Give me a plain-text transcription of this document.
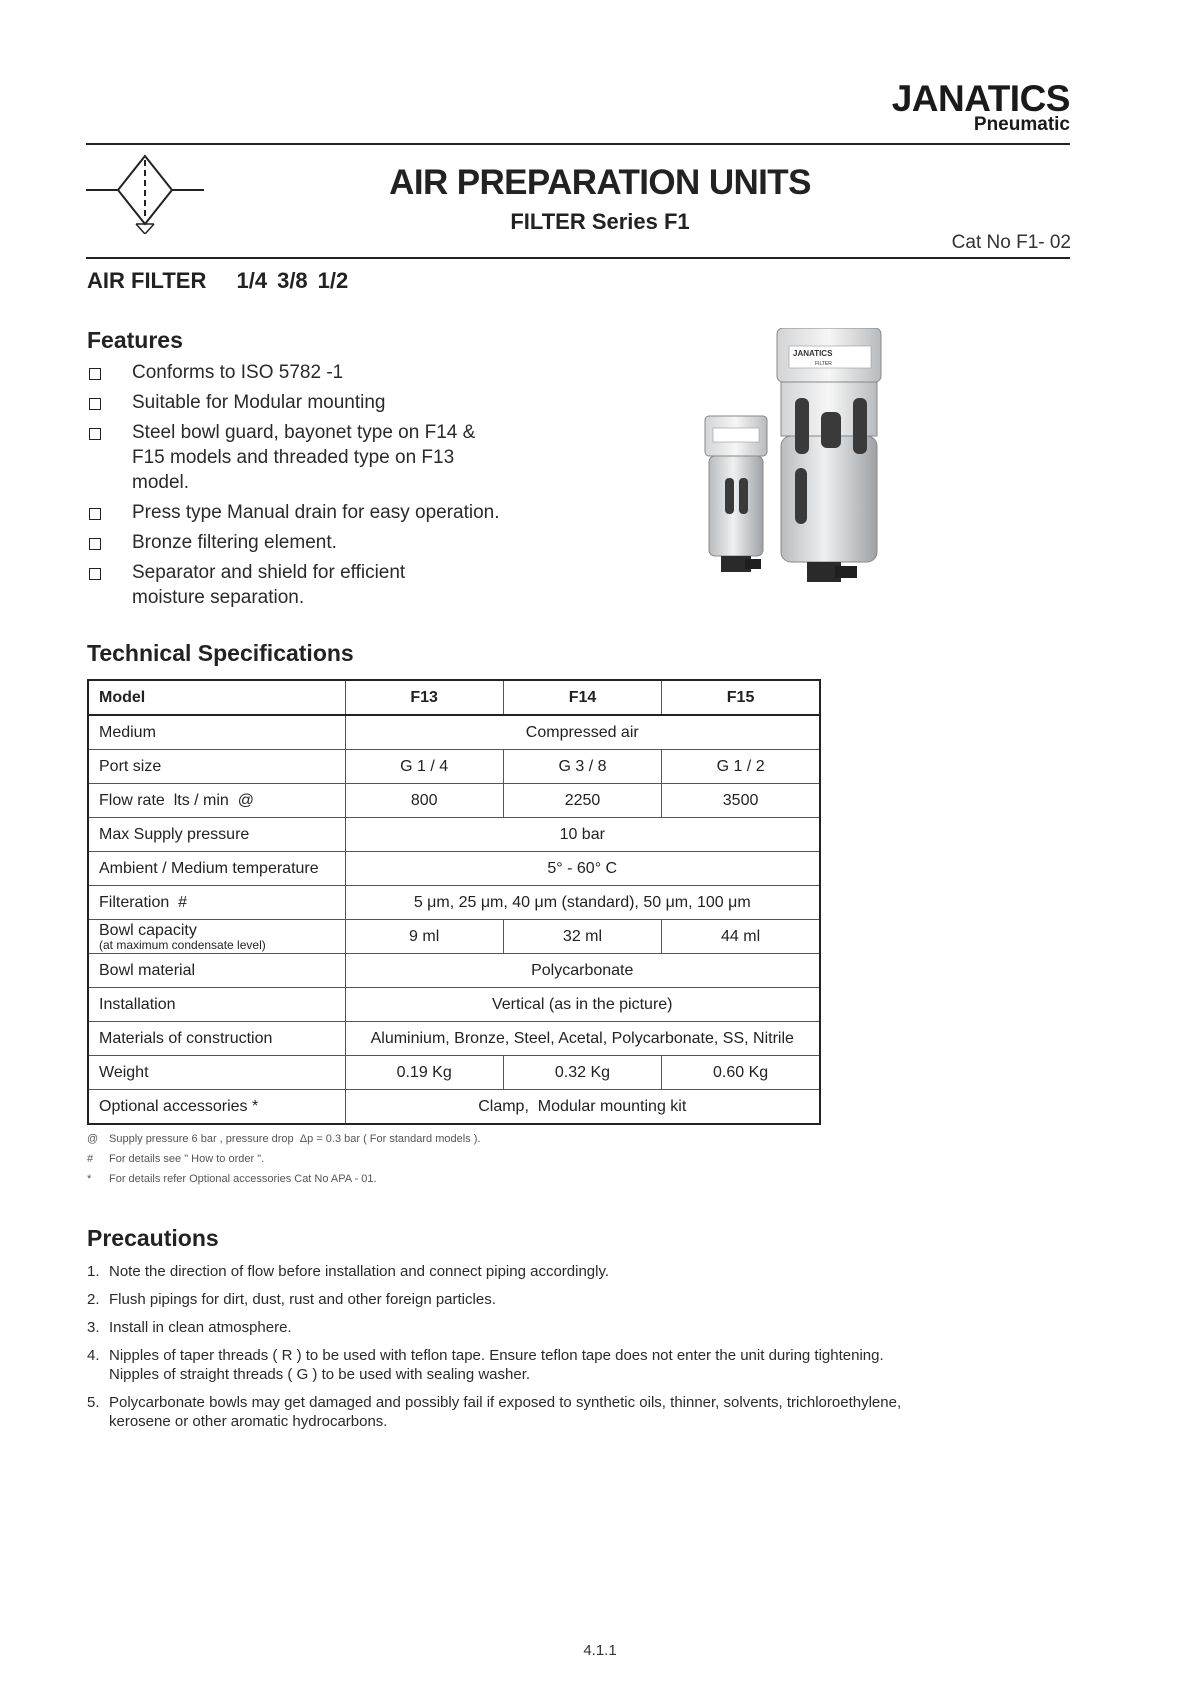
JANATICS
Pneumatic
AIR PREPARATION UNITS
FILTER Series F1
Cat No F1- 02
AIR FILTER 1/4 3/8 1/2
Features
Conforms to ISO 5782 -1
Suitable for Modular mounting
Steel bowl guard, bayonet type on F14 & F15 models and threaded type on F13 model.
Press type Manual drain for easy operation.
Bronze filtering element.
Separator and shield for efficient moisture separation.
JANATICS
FILTER
Technical Specifications
Model	F13	F14	F15
Medium	Compressed air		
Port size	G 1 / 4	G 3 / 8	G 1 / 2
Flow rate  lts / min  @	800	2250	3500
Max Supply pressure	10 bar		
Ambient / Medium temperature	5° - 60° C		
Filteration  #	5 μm, 25 μm, 40 μm (standard), 50 μm, 100 μm		
Bowl capacity
(at maximum condensate level)	9 ml	32 ml	44 ml
Bowl material	Polycarbonate		
Installation	Vertical (as in the picture)		
Materials of construction	Aluminium, Bronze, Steel, Acetal, Polycarbonate, SS, Nitrile		
Weight	0.19 Kg	0.32 Kg	0.60 Kg
Optional accessories *	Clamp,  Modular mounting kit		
@ Supply pressure 6 bar , pressure drop  Δp = 0.3 bar ( For standard models ).
# For details see " How to order ".
* For details refer Optional accessories Cat No APA - 01.
Precautions
1. Note the direction of flow before installation and connect piping accordingly.
2. Flush pipings for dirt, dust, rust and other foreign particles.
3. Install in clean atmosphere.
4. Nipples of taper threads ( R ) to be used with teflon tape. Ensure teflon tape does not enter the unit during tightening.
Nipples of straight threads ( G ) to be used with sealing washer.
5. Polycarbonate bowls may get damaged and possibly fail if exposed to synthetic oils, thinner, solvents, trichloroethylene,
kerosene or other aromatic hydrocarbons.
4.1.1
